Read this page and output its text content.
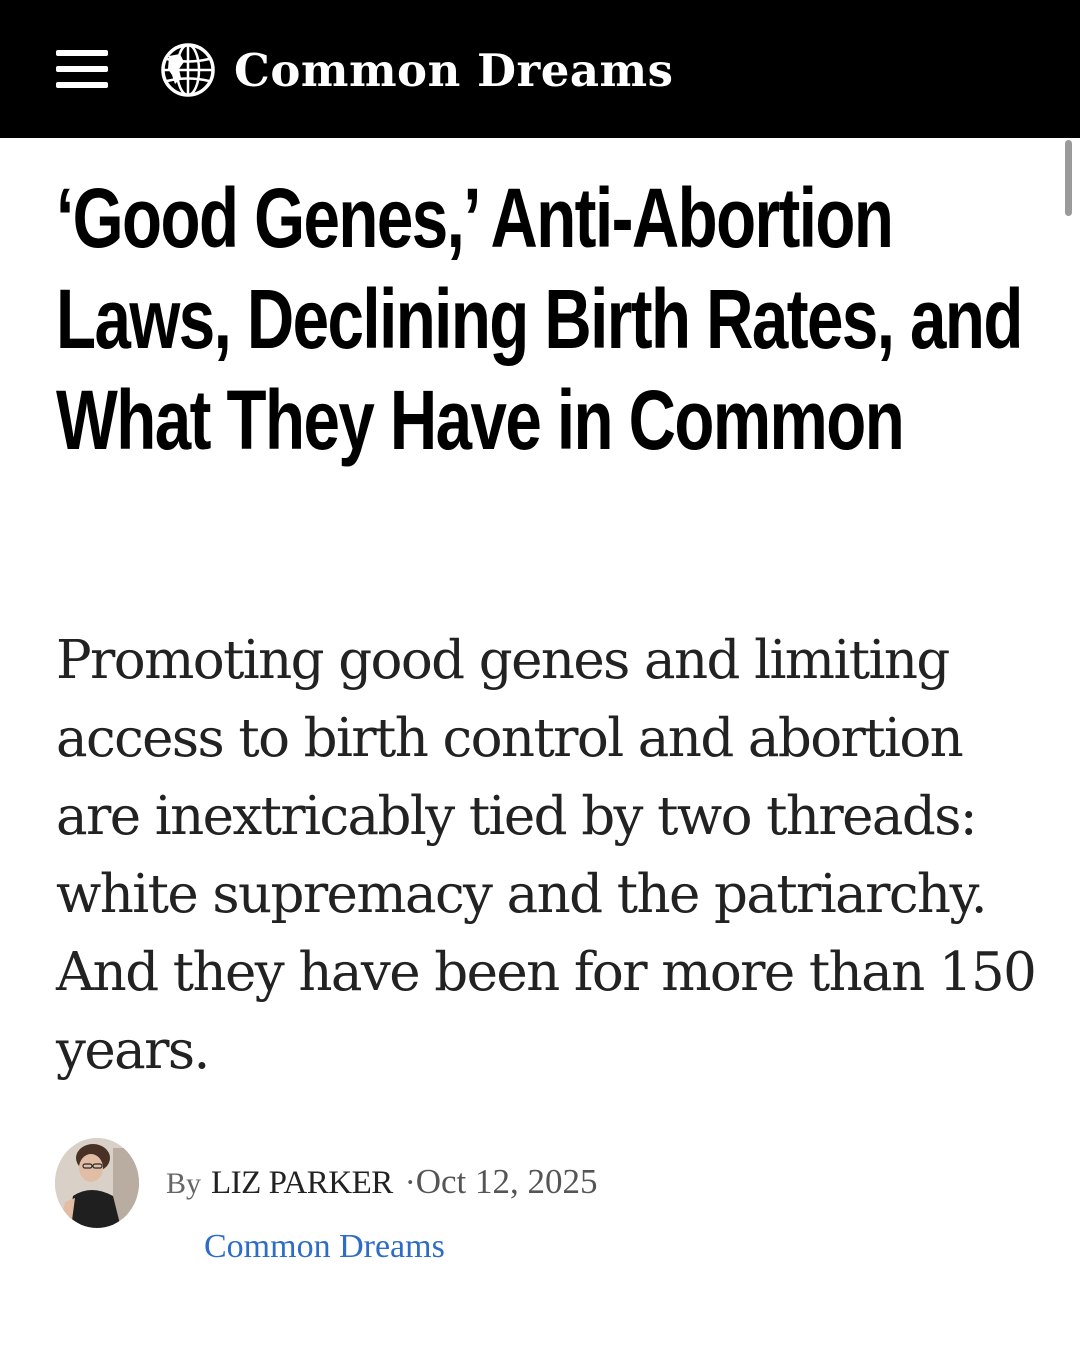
Common Dreams
‘Good Genes,’ Anti-Abortion Laws, Declining Birth Rates, and What They Have in Common

Promoting good genes and limiting access to birth control and abortion are inextricably tied by two threads: white supremacy and the patriarchy. And they have been for more than 150 years.

By LIZ PARKER ·Oct 12, 2025
Common Dreams
